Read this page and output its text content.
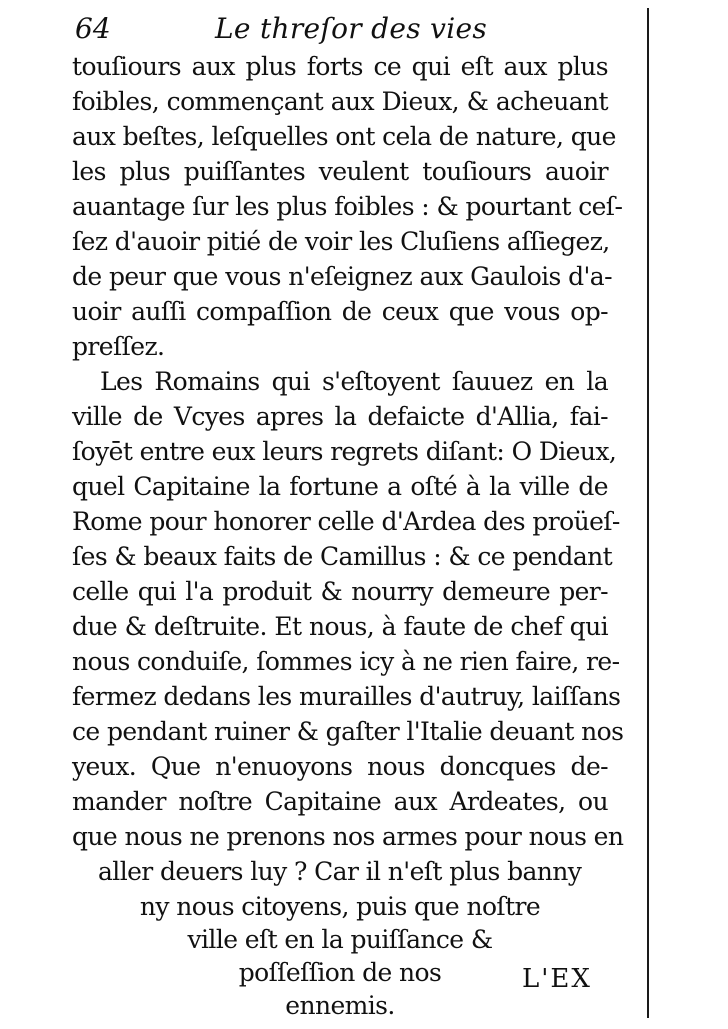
64	Le threſor des vies
touſiours aux plus forts ce qui eſt aux plus
foibles, commençant aux Dieux, & acheuant
aux beſtes, leſquelles ont cela de nature, que
les plus puiſſantes veulent touſiours auoir
auantage ſur les plus foibles : & pourtant ceſ-
ſez d'auoir pitié de voir les Cluſiens aſſiegez,
de peur que vous n'eſeignez aux Gaulois d'a-
uoir auſſi compaſſion de ceux que vous op-
preſſez.
Les Romains qui s'eſtoyent ſauuez en la
ville de Vcyes apres la defaicte d'Allia, fai-
ſoyēt entre eux leurs regrets diſant: O Dieux,
quel Capitaine la fortune a oſté à la ville de
Rome pour honorer celle d'Ardea des proüeſ-
ſes & beaux faits de Camillus : & ce pendant
celle qui l'a produit & nourry demeure per-
due & deſtruite. Et nous, à faute de chef qui
nous conduiſe, ſommes icy à ne rien faire, re-
fermez dedans les murailles d'autruy, laiſſans
ce pendant ruiner & gaſter l'Italie deuant nos
yeux. Que n'enuoyons nous doncques de-
mander noſtre Capitaine aux Ardeates, ou
que nous ne prenons nos armes pour nous en
aller deuers luy ? Car il n'eſt plus banny
ny nous citoyens, puis que noſtre
ville eſt en la puiſſance &
poſſeſſion de nos
ennemis.
L'EX
